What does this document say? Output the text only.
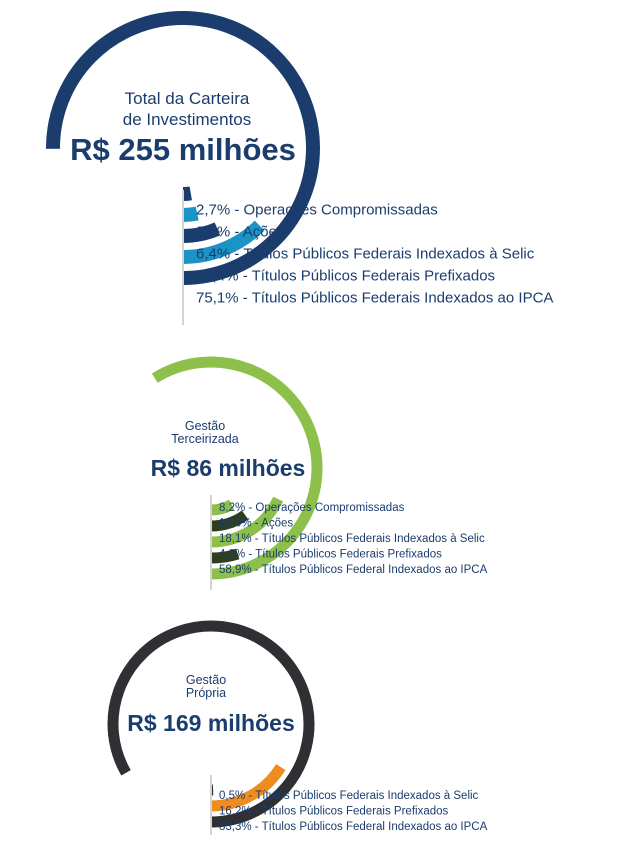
Total da Carteira
de Investimentos
R$ 255 milhões
2,7% - Operações Compromissadas
3,4% - Ações
6,4% - Títulos Públicos Federais Indexados à Selic
12,4% - Títulos Públicos Federais Prefixados
75,1% - Títulos Públicos Federais Indexados ao IPCA
Gestão
Terceirizada
R$ 86 milhões
8,2% - Operações Compromissadas
10,0% - Ações
18,1% - Títulos Públicos Federais Indexados à Selic
4,8% - Títulos Públicos Federais Prefixados
58,9% - Títulos Públicos Federal Indexados ao IPCA
Gestão
Própria
R$ 169 milhões
0,5% - Títulos Públicos Federais Indexados à Selic
16,2% - Títulos Públicos Federais Prefixados
83,3% - Títulos Públicos Federal Indexados ao IPCA
